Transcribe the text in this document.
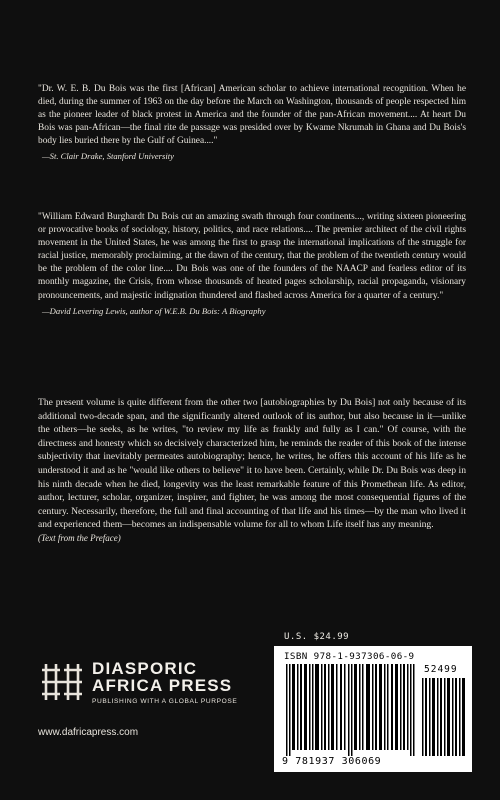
"Dr. W. E. B. Du Bois was the first [African] American scholar to achieve international recognition. When he died, during the summer of 1963 on the day before the March on Washington, thousands of people respected him as the pioneer leader of black protest in America and the founder of the pan-African movement.... At heart Du Bois was pan-African—the final rite de passage was presided over by Kwame Nkrumah in Ghana and Du Bois's body lies buried there by the Gulf of Guinea...."
—St. Clair Drake, Stanford University
"William Edward Burghardt Du Bois cut an amazing swath through four continents..., writing sixteen pioneering or provocative books of sociology, history, politics, and race relations.... The premier architect of the civil rights movement in the United States, he was among the first to grasp the international implications of the struggle for racial justice, memorably proclaiming, at the dawn of the century, that the problem of the twentieth century would be the problem of the color line.... Du Bois was one of the founders of the NAACP and fearless editor of its monthly magazine, the Crisis, from whose thousands of heated pages scholarship, racial propaganda, visionary pronouncements, and majestic indignation thundered and flashed across America for a quarter of a century."
—David Levering Lewis, author of W.E.B. Du Bois: A Biography
The present volume is quite different from the other two [autobiographies by Du Bois] not only because of its additional two-decade span, and the significantly altered outlook of its author, but also because in it—unlike the others—he seeks, as he writes, "to review my life as frankly and fully as I can." Of course, with the directness and honesty which so decisively characterized him, he reminds the reader of this book of the intense subjectivity that inevitably permeates autobiography; hence, he writes, he offers this account of his life as he understood it and as he "would like others to believe" it to have been. Certainly, while Dr. Du Bois was deep in his ninth decade when he died, longevity was the least remarkable feature of this Promethean life. As editor, author, lecturer, scholar, organizer, inspirer, and fighter, he was among the most consequential figures of the century. Necessarily, therefore, the full and final accounting of that life and his times—by the man who lived it and experienced them—becomes an indispensable volume for all to whom Life itself has any meaning.
(Text from the Preface)
U.S. $24.99
ISBN 978-1-937306-06-9
52499
9 781937 306069
DIASPORIC
AFRICA PRESS
PUBLISHING WITH A GLOBAL PURPOSE
www.dafricapress.com
